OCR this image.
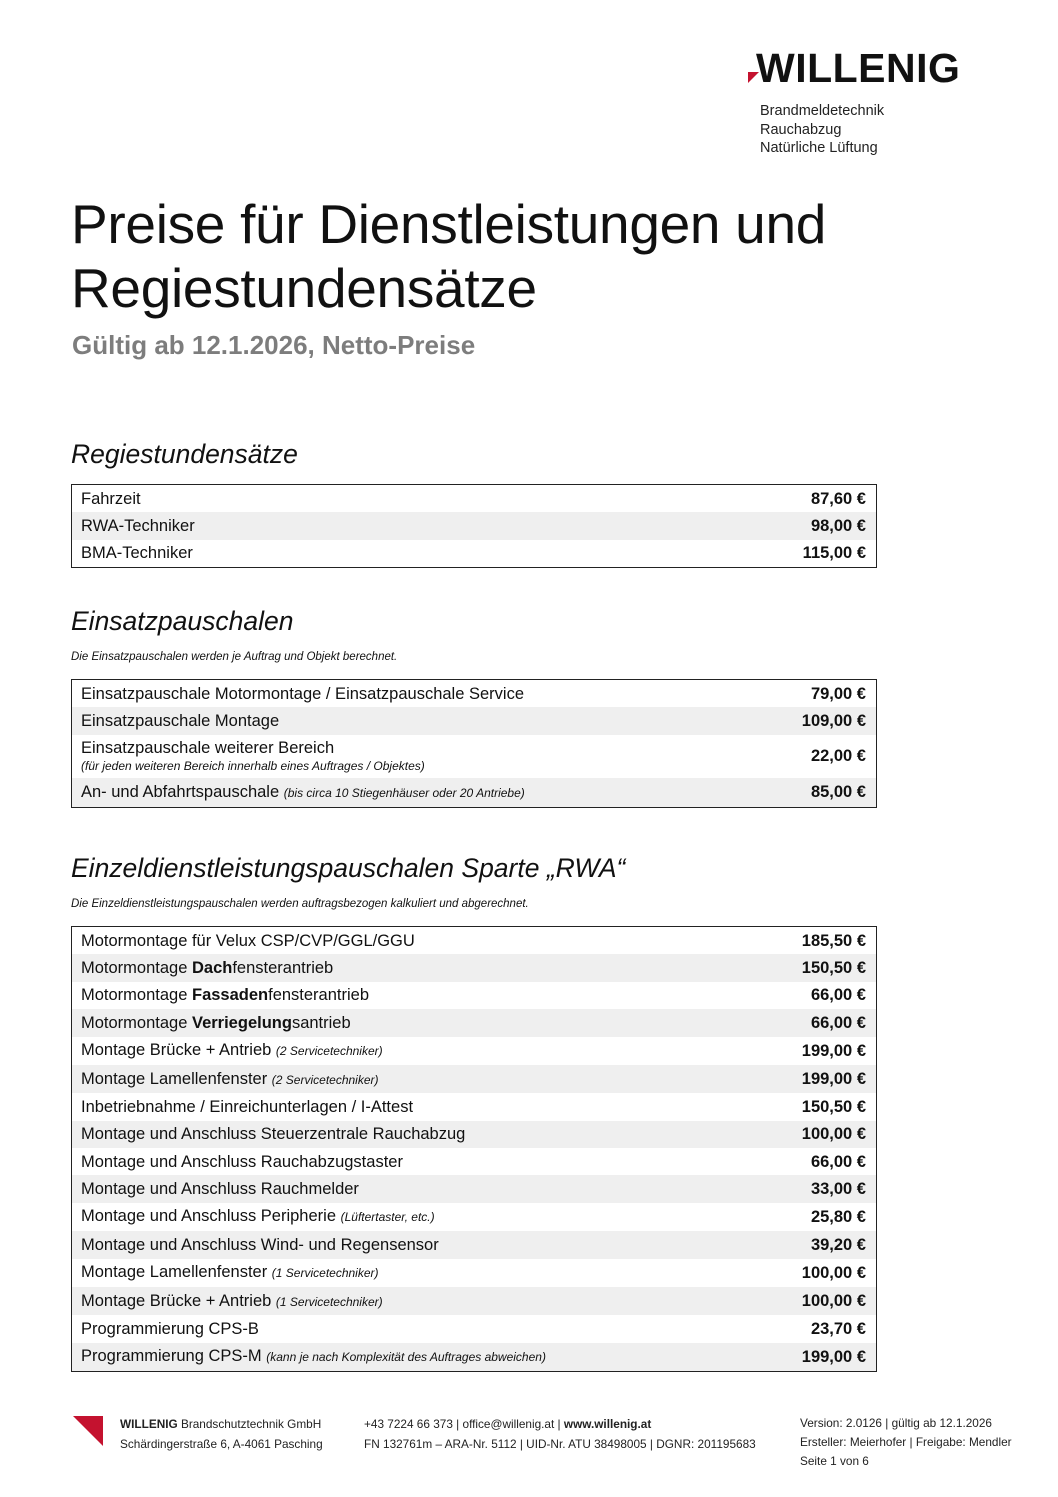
WILLENIG
Brandmeldetechnik
Rauchabzug
Natürliche Lüftung
Preise für Dienstleistungen und
Regiestundensätze
Gültig ab 12.1.2026, Netto-Preise
Regiestundensätze
Fahrzeit	87,60 €
RWA-Techniker	98,00 €
BMA-Techniker	115,00 €
Einsatzpauschalen
Die Einsatzpauschalen werden je Auftrag und Objekt berechnet.
Einsatzpauschale Motormontage / Einsatzpauschale Service	79,00 €
Einsatzpauschale Montage	109,00 €
Einsatzpauschale weiterer Bereich
(für jeden weiteren Bereich innerhalb eines Auftrages / Objektes)	22,00 €
An- und Abfahrtspauschale (bis circa 10 Stiegenhäuser oder 20 Antriebe)	85,00 €
Einzeldienstleistungspauschalen Sparte „RWA“
Die Einzeldienstleistungspauschalen werden auftragsbezogen kalkuliert und abgerechnet.
Motormontage für Velux CSP/CVP/GGL/GGU	185,50 €
Motormontage Dachfensterantrieb	150,50 €
Motormontage Fassadenfensterantrieb	66,00 €
Motormontage Verriegelungsantrieb	66,00 €
Montage Brücke + Antrieb (2 Servicetechniker)	199,00 €
Montage Lamellenfenster (2 Servicetechniker)	199,00 €
Inbetriebnahme / Einreichunterlagen / I-Attest	150,50 €
Montage und Anschluss Steuerzentrale Rauchabzug	100,00 €
Montage und Anschluss Rauchabzugstaster	66,00 €
Montage und Anschluss Rauchmelder	33,00 €
Montage und Anschluss Peripherie (Lüftertaster, etc.)	25,80 €
Montage und Anschluss Wind- und Regensensor	39,20 €
Montage Lamellenfenster (1 Servicetechniker)	100,00 €
Montage Brücke + Antrieb (1 Servicetechniker)	100,00 €
Programmierung CPS-B	23,70 €
Programmierung CPS-M (kann je nach Komplexität des Auftrages abweichen)	199,00 €
WILLENIG Brandschutztechnik GmbH
Schärdingerstraße 6, A-4061 Pasching
+43 7224 66 373 | office@willenig.at | www.willenig.at
FN 132761m – ARA-Nr. 5112 | UID-Nr. ATU 38498005 | DGNR: 201195683
Version: 2.0126 | gültig ab 12.1.2026
Ersteller: Meierhofer | Freigabe: Mendler
Seite 1 von 6
